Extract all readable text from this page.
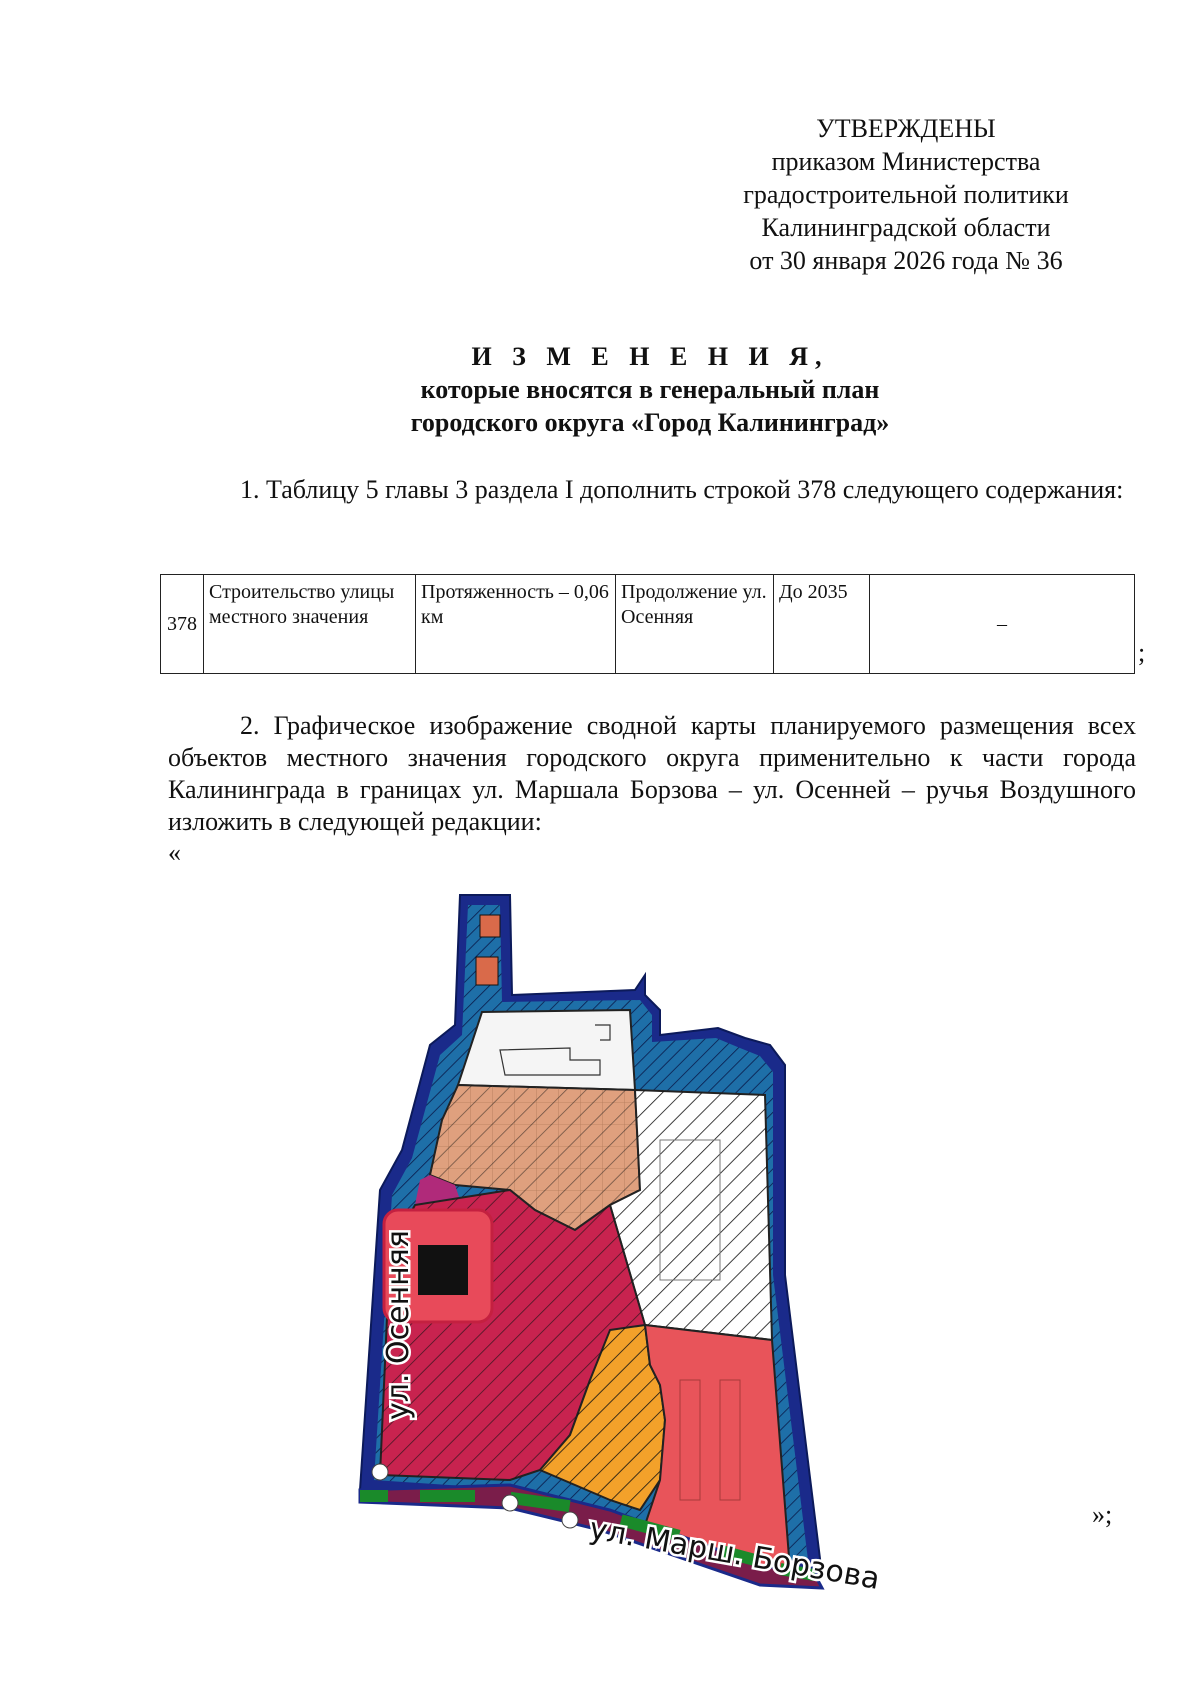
УТВЕРЖДЕНЫ
приказом Министерства
градостроительной политики
Калининградской области
от 30 января 2026 года № 36
И З М Е Н Е Н И Я,
которые вносятся в генеральный план
городского округа «Город Калининград»
1. Таблицу 5 главы 3 раздела I дополнить строкой 378 следующего содержания:
378	Строительство улицы местного значения	Протяженность – 0,06 км	Продолжение ул. Осенняя	До 2035	–
;
2. Графическое изображение сводной карты планируемого размещения всех объектов местного значения городского округа применительно к части города Калининграда в границах ул. Маршала Борзова – ул. Осенней – ручья Воздушного изложить в следующей редакции:
«
ул. Осенняя
ул. Марш. Борзова	»;
